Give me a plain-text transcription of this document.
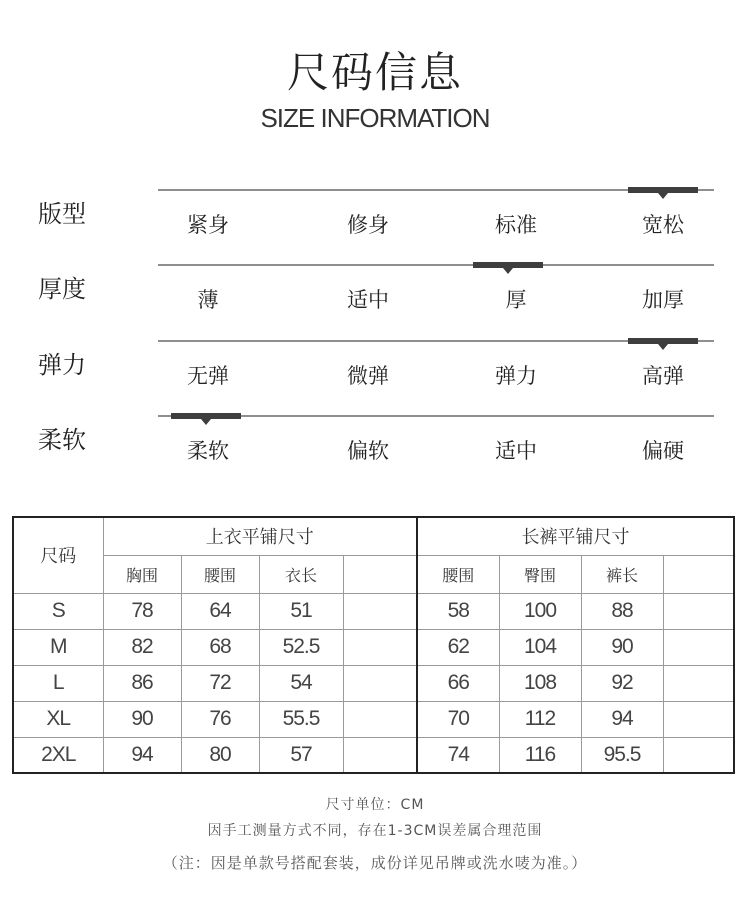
尺码信息
SIZE INFORMATION
版型	紧身	修身	标准	宽松
厚度	薄	适中	厚	加厚
弹力	无弹	微弹	弹力	高弹
柔软	柔软	偏软	适中	偏硬
尺码	上衣平铺尺寸				长裤平铺尺寸			
	胸围	腰围	衣长		腰围	臀围	裤长	
S	78	64	51		58	100	88	
M	82	68	52.5		62	104	90	
L	86	72	54		66	108	92	
XL	90	76	55.5		70	112	94	
2XL	94	80	57		74	116	95.5	
尺寸单位：CM
因手工测量方式不同，存在1-3CM误差属合理范围
（注：因是单款号搭配套装，成份详见吊牌或洗水唛为准。）
